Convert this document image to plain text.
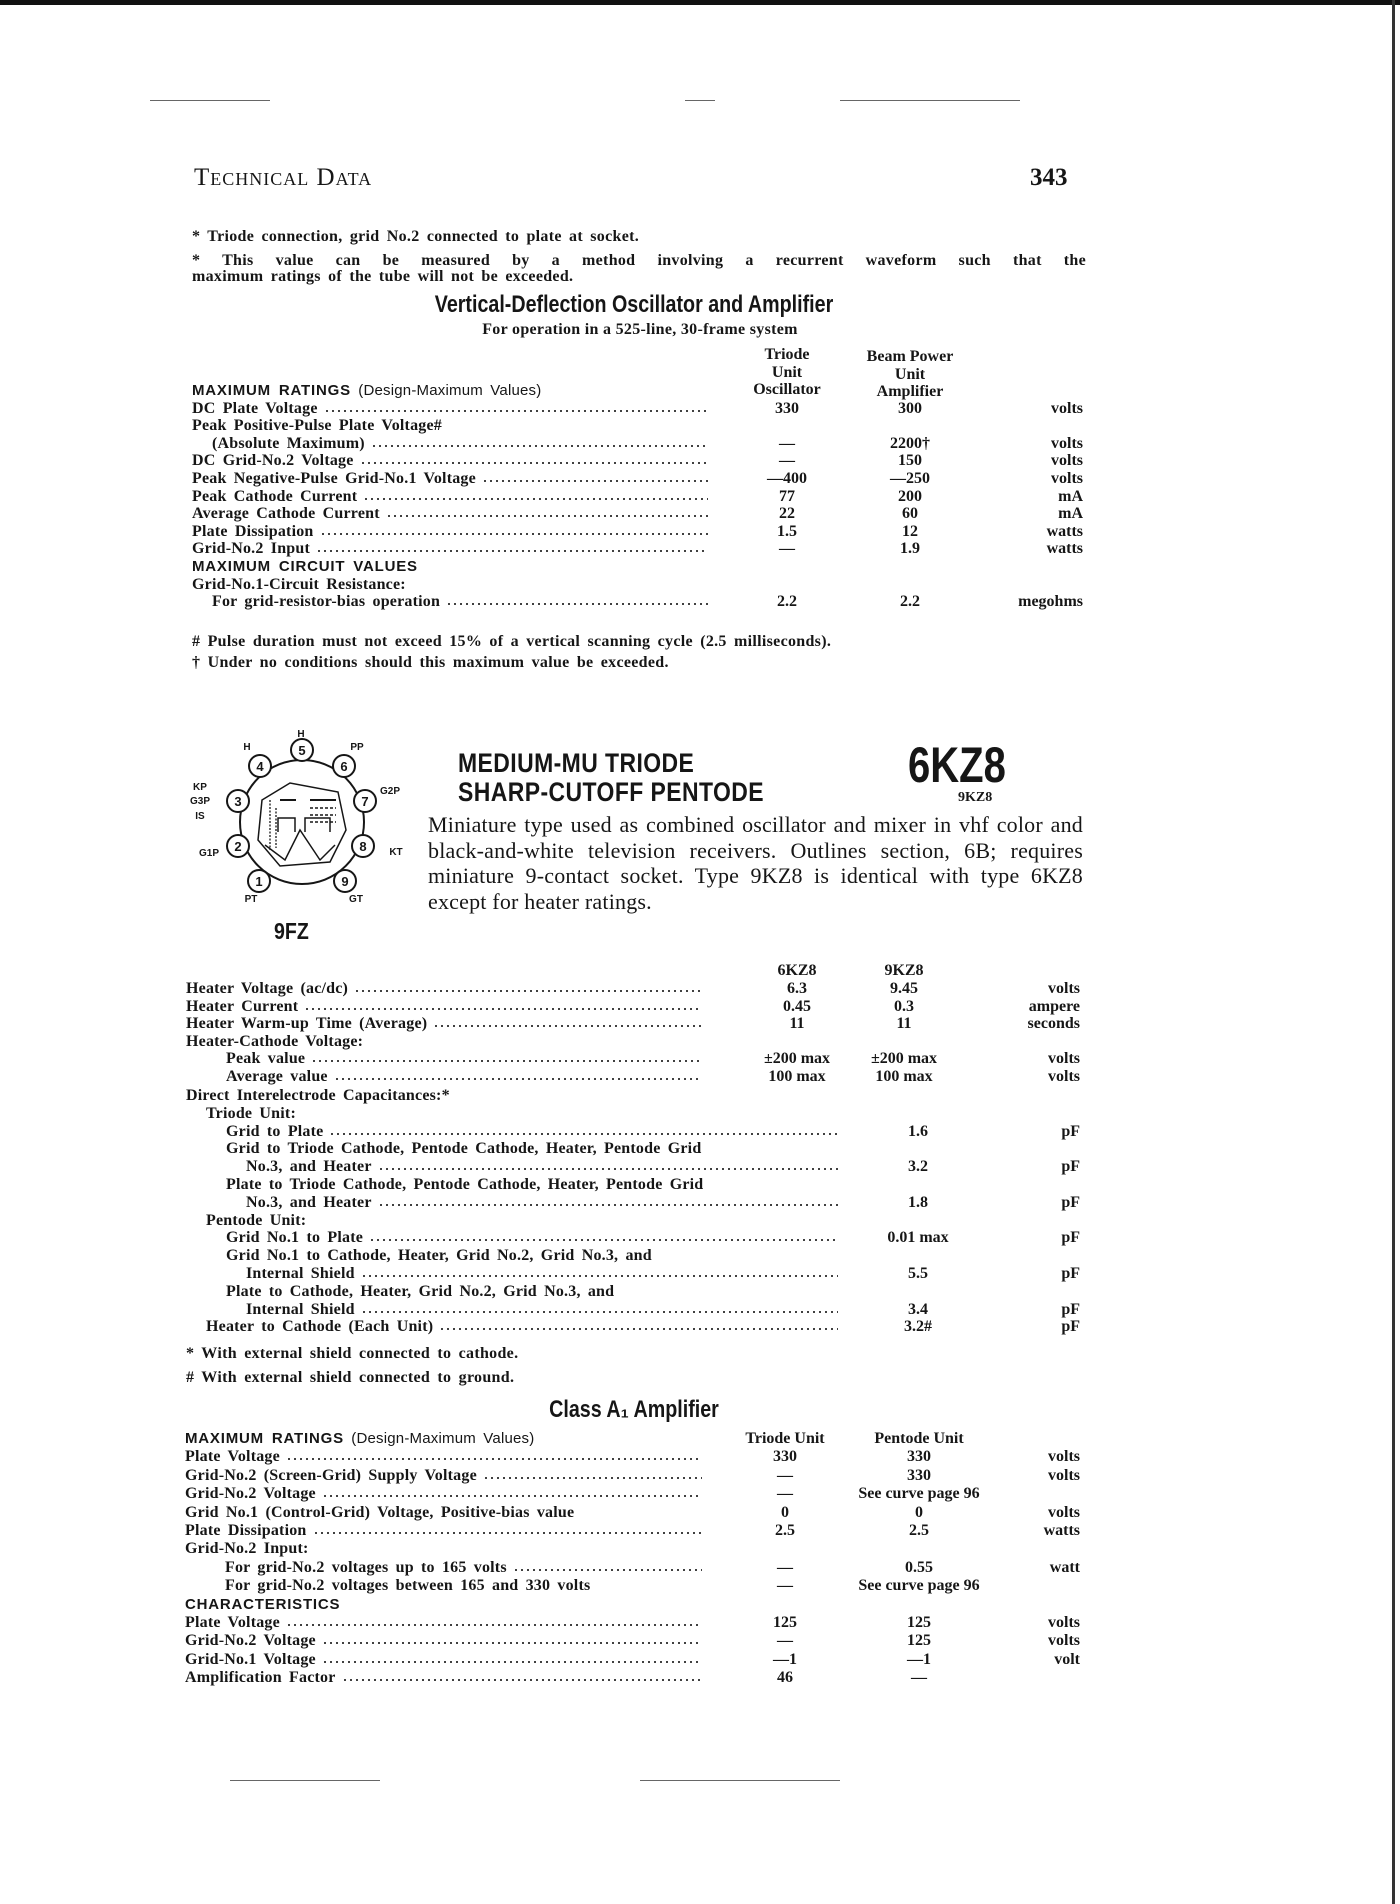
Technical Data	343
* Triode connection, grid No.2 connected to plate at socket.
* This value can be measured by a method involving a recurrent waveform such that the
maximum ratings of the tube will not be exceeded.
Vertical-Deflection Oscillator and Amplifier
For operation in a 525-line, 30-frame system
Triode
Unit
Oscillator
Beam Power
Unit
Amplifier
MAXIMUM RATINGS (Design-Maximum Values)
DC Plate Voltage	330	300	volts
Peak Positive-Pulse Plate Voltage#
(Absolute Maximum)	—	2200†	volts
DC Grid-No.2 Voltage	—	150	volts
Peak Negative-Pulse Grid-No.1 Voltage	—400	—250	volts
Peak Cathode Current	77	200	mA
Average Cathode Current	22	60	mA
Plate Dissipation	1.5	12	watts
Grid-No.2 Input	—	1.9	watts
MAXIMUM CIRCUIT VALUES
Grid-No.1-Circuit Resistance:
For grid-resistor-bias operation	2.2	2.2	megohms
# Pulse duration must not exceed 15% of a vertical scanning cycle (2.5 milliseconds).
† Under no conditions should this maximum value be exceeded.
1
2
3
4
5
6
7
8
9
PT
G1P
KP
G3P
IS
H
H
PP
G2P
KT
GT
9FZ
MEDIUM-MU TRIODE
SHARP-CUTOFF PENTODE	6KZ8
9KZ8
Miniature type used as combined oscillator and mixer in vhf color and black-and-white television receivers. Outlines section, 6B; requires miniature 9-contact socket. Type 9KZ8 is identical with type 6KZ8 except for heater ratings.
6KZ8	9KZ8
Heater Voltage (ac/dc)	6.3	9.45	volts
Heater Current	0.45	0.3	ampere
Heater Warm-up Time (Average)	11	11	seconds
Heater-Cathode Voltage:
Peak value	±200 max	±200 max	volts
Average value	100 max	100 max	volts
Direct Interelectrode Capacitances:*
Triode Unit:
Grid to Plate	1.6	pF
Grid to Triode Cathode, Pentode Cathode, Heater, Pentode Grid
No.3, and Heater	3.2	pF
Plate to Triode Cathode, Pentode Cathode, Heater, Pentode Grid
No.3, and Heater	1.8	pF
Pentode Unit:
Grid No.1 to Plate	0.01 max	pF
Grid No.1 to Cathode, Heater, Grid No.2, Grid No.3, and
Internal Shield	5.5	pF
Plate to Cathode, Heater, Grid No.2, Grid No.3, and
Internal Shield	3.4	pF
Heater to Cathode (Each Unit)	3.2#	pF
* With external shield connected to cathode.
# With external shield connected to ground.
Class A₁ Amplifier
Triode Unit	Pentode Unit
MAXIMUM RATINGS (Design-Maximum Values)
Plate Voltage	330	330	volts
Grid-No.2 (Screen-Grid) Supply Voltage	—	330	volts
Grid-No.2 Voltage	—	See curve page 96
Grid No.1 (Control-Grid) Voltage, Positive-bias value	0	0	volts
Plate Dissipation	2.5	2.5	watts
Grid-No.2 Input:
For grid-No.2 voltages up to 165 volts	—	0.55	watt
For grid-No.2 voltages between 165 and 330 volts	—	See curve page 96
CHARACTERISTICS
Plate Voltage	125	125	volts
Grid-No.2 Voltage	—	125	volts
Grid-No.1 Voltage	—1	—1	volt
Amplification Factor	46	—
